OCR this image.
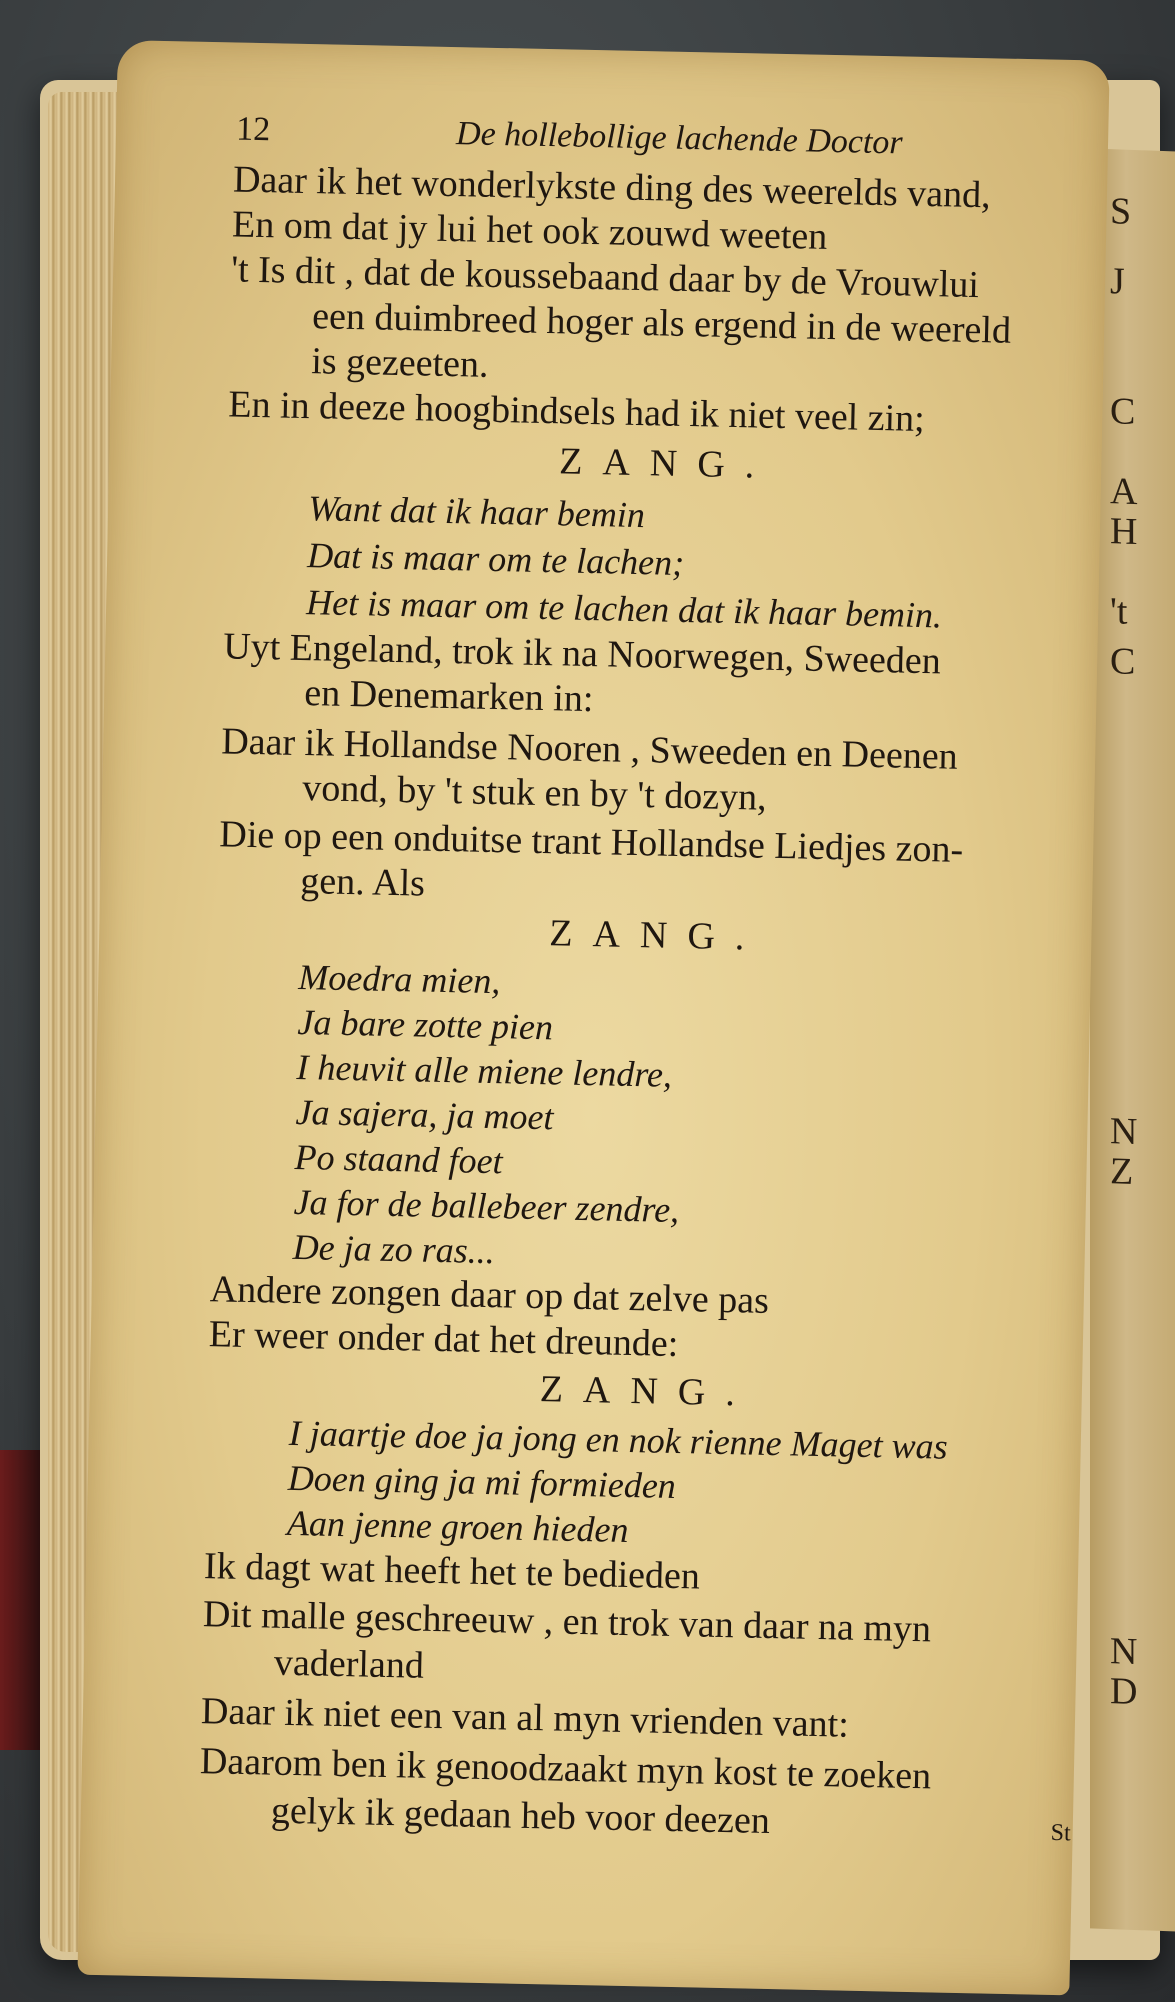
S
J
C
A
H
't
C
N
Z
N
D
12	De hollebollige lachende Doctor
Daar ik het wonderlykste ding des weerelds vand,
En om dat jy lui het ook zouwd weeten
't Is dit , dat de koussebaand daar by de Vrouwlui
een duimbreed hoger als ergend in de weereld
is gezeeten.
En in deeze hoogbindsels had ik niet veel zin;
ZANG.
Want dat ik haar bemin
Dat is maar om te lachen;
Het is maar om te lachen dat ik haar bemin.
Uyt Engeland, trok ik na Noorwegen, Sweeden
en Denemarken in:
Daar ik Hollandse Nooren , Sweeden en Deenen
vond, by 't stuk en by 't dozyn,
Die op een onduitse trant Hollandse Liedjes zon-
gen. Als
ZANG.
Moedra mien,
Ja bare zotte pien
I heuvit alle miene lendre,
Ja sajera, ja moet
Po staand foet
Ja for de ballebeer zendre,
De ja zo ras...
Andere zongen daar op dat zelve pas
Er weer onder dat het dreunde:
ZANG.
I jaartje doe ja jong en nok rienne Maget was
Doen ging ja mi formieden
Aan jenne groen hieden
Ik dagt wat heeft het te bedieden
Dit malle geschreeuw , en trok van daar na myn
vaderland
Daar ik niet een van al myn vrienden vant:
Daarom ben ik genoodzaakt myn kost te zoeken
gelyk ik gedaan heb voor deezen	St
